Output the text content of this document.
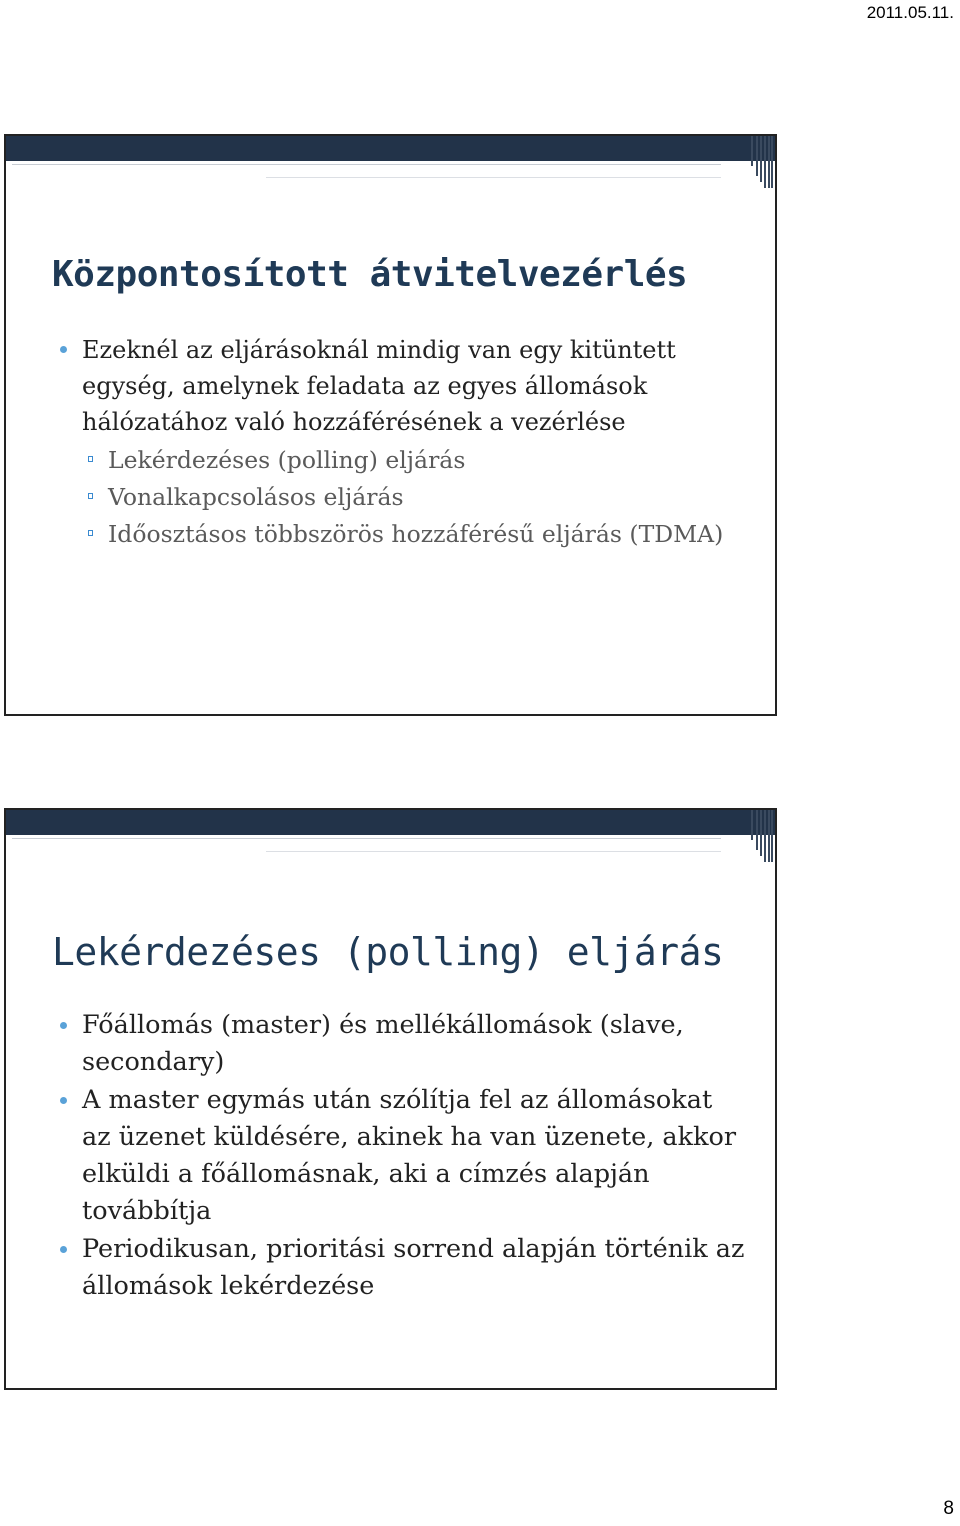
2011.05.11.
Központosított átvitelvezérlés
Ezeknél az eljárásoknál mindig van egy kitüntett egység, amelynek feladata az egyes állomások hálózatához való hozzáférésének a vezérlése
Lekérdezéses (polling) eljárás
Vonalkapcsolásos eljárás
Időosztásos többszörös hozzáférésű eljárás (TDMA)
Lekérdezéses (polling) eljárás
Főállomás (master) és mellékállomások (slave, secondary)
A master egymás után szólítja fel az állomásokat az üzenet küldésére, akinek ha van üzenete, akkor elküldi a főállomásnak, aki a címzés alapján továbbítja
Periodikusan, prioritási sorrend alapján történik az állomások lekérdezése
8
